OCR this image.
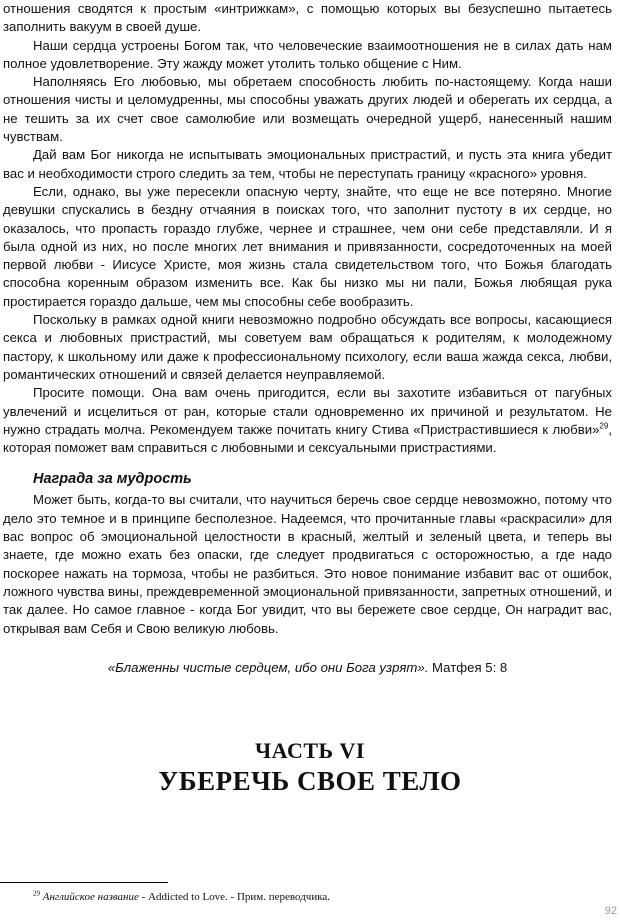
отношения сводятся к простым «интрижкам», с помощью которых вы безуспешно пытаетесь заполнить вакуум в своей душе.

Наши сердца устроены Богом так, что человеческие взаимоотношения не в силах дать нам полное удовлетворение. Эту жажду может утолить только общение с Ним.

Наполняясь Его любовью, мы обретаем способность любить по-настоящему. Когда наши отношения чисты и целомудренны, мы способны уважать других людей и оберегать их сердца, а не тешить за их счет свое самолюбие или возмещать очередной ущерб, нанесенный нашим чувствам.

Дай вам Бог никогда не испытывать эмоциональных пристрастий, и пусть эта книга убедит вас и необходимости строго следить за тем, чтобы не переступать границу «красного» уровня.

Если, однако, вы уже пересекли опасную черту, знайте, что еще не все потеряно. Многие девушки спускались в бездну отчаяния в поисках того, что заполнит пустоту в их сердце, но оказалось, что пропасть гораздо глубже, чернее и страшнее, чем они себе представляли. И я была одной из них, но после многих лет внимания и привязанности, сосредоточенных на моей первой любви - Иисусе Христе, моя жизнь стала свидетельством того, что Божья благодать способна коренным образом изменить все. Как бы низко мы ни пали, Божья любящая рука простирается гораздо дальше, чем мы способны себе вообразить.

Поскольку в рамках одной книги невозможно подробно обсуждать все вопросы, касающиеся секса и любовных пристрастий, мы советуем вам обращаться к родителям, к молодежному пастору, к школьному или даже к профессиональному психологу, если ваша жажда секса, любви, романтических отношений и связей делается неуправляемой.

Просите помощи. Она вам очень пригодится, если вы захотите избавиться от пагубных увлечений и исцелиться от ран, которые стали одновременно их причиной и результатом. Не нужно страдать молча. Рекомендуем также почитать книгу Стива «Пристрастившиеся к любви»$^{29}$, которая поможет вам справиться с любовными и сексуальными пристрастиями.

Награда за мудрость

Может быть, когда-то вы считали, что научиться беречь свое сердце невозможно, потому что дело это темное и в принципе бесполезное. Надеемся, что прочитанные главы «раскрасили» для вас вопрос об эмоциональной целостности в красный, желтый и зеленый цвета, и теперь вы знаете, где можно ехать без опаски, где следует продвигаться с осторожностью, а где надо поскорее нажать на тормоза, чтобы не разбиться. Это новое понимание избавит вас от ошибок, ложного чувства вины, преждевременной эмоциональной привязанности, запретных отношений, и так далее. Но самое главное - когда Бог увидит, что вы бережете свое сердце, Он наградит вас, открывая вам Себя и Свою великую любовь.

«Блаженны чистые сердцем, ибо они Бога узрят». Матфея 5: 8
ЧАСТЬ VI
УБЕРЕЧЬ СВОЕ ТЕЛО
$^{29}$ Английское название - Addicted to Love. - Прим. переводчика.
92
